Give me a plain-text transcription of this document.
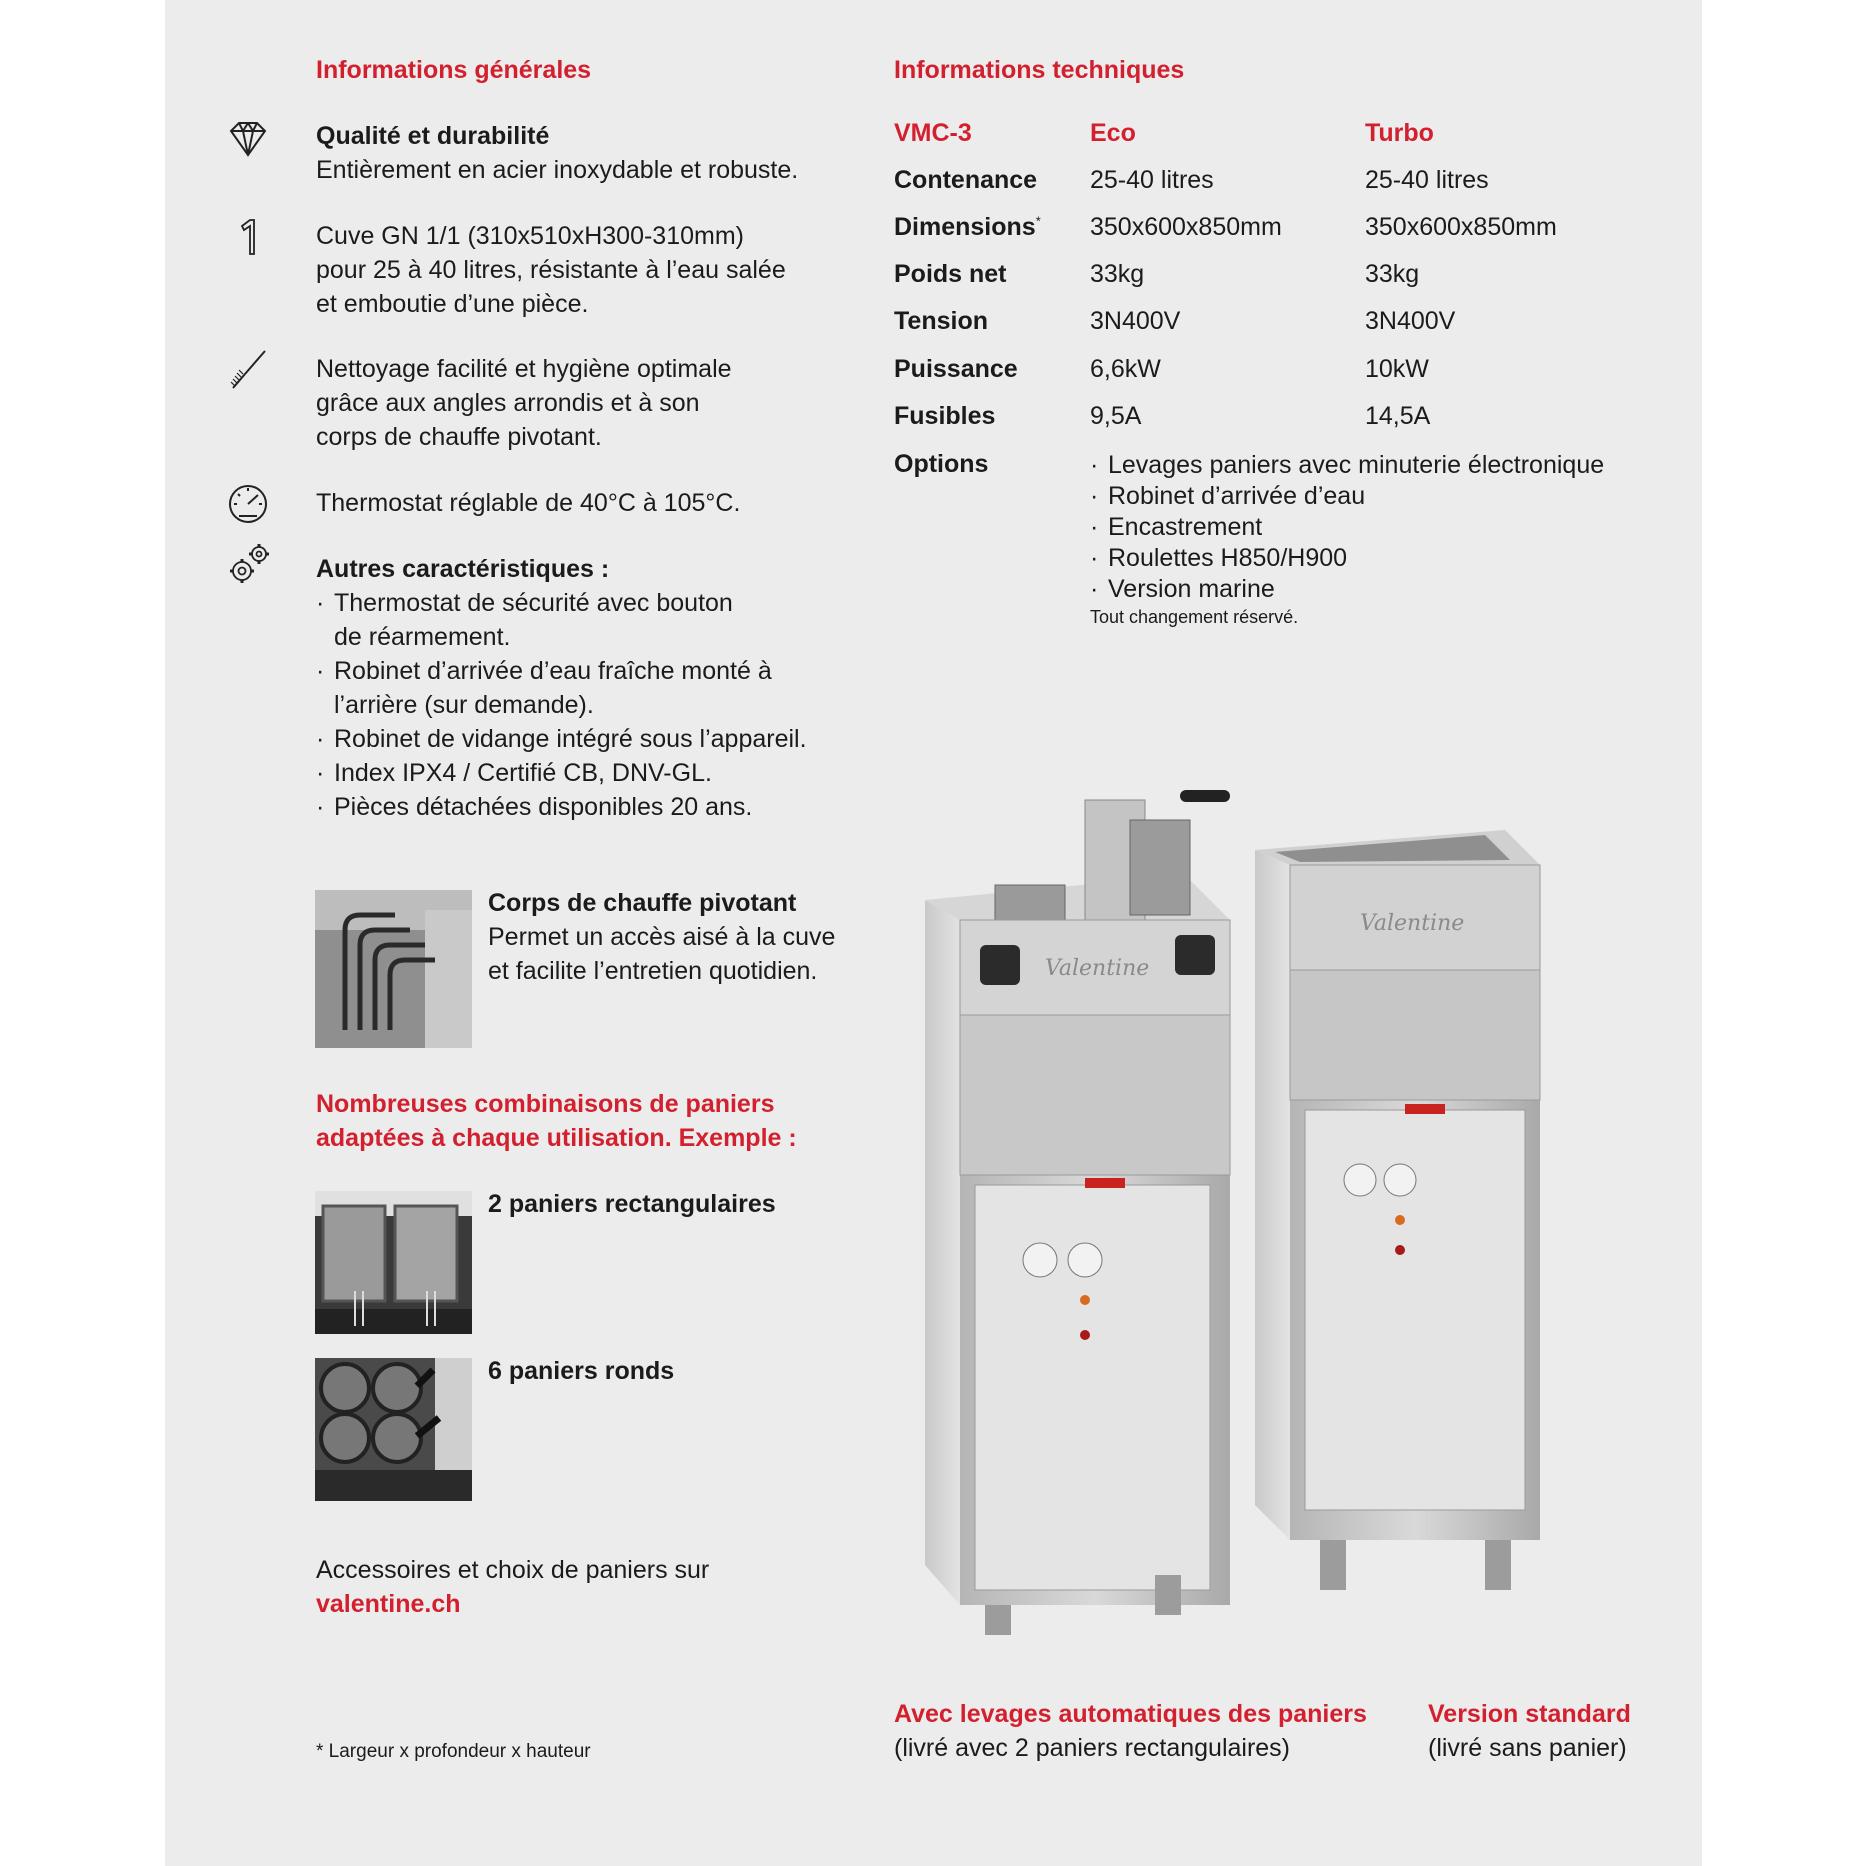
Informations générales
Qualité et durabilité
Entièrement en acier inoxydable et robuste.
Cuve GN 1/1 (310x510xH300-310mm)
pour 25 à 40 litres, résistante à l’eau salée
et emboutie d’une pièce.
Nettoyage facilité et hygiène optimale
grâce aux angles arrondis et à son
corps de chauffe pivotant.
Thermostat réglable de 40°C à 105°C.
Autres caractéristiques :
· Thermostat de sécurité avec bouton
de réarmement.
· Robinet d’arrivée d’eau fraîche monté à
l’arrière (sur demande).
· Robinet de vidange intégré sous l’appareil.
· Index IPX4 / Certifié CB, DNV-GL.
· Pièces détachées disponibles 20 ans.
Corps de chauffe pivotant
Permet un accès aisé à la cuve
et facilite l’entretien quotidien.
Nombreuses combinaisons de paniers
adaptées à chaque utilisation. Exemple :
2 paniers rectangulaires
6 paniers ronds
Accessoires et choix de paniers sur
valentine.ch
* Largeur x profondeur x hauteur
Informations techniques
VMC-3	Eco	Turbo
Contenance 25-40 litres	25-40 litres
Dimensions* 350x600x850mm	350x600x850mm
Poids net	33kg	33kg
Tension	3N400V	3N400V
Puissance	6,6kW	10kW
Fusibles	9,5A	14,5A
Options
·	Levages paniers avec minuterie électronique
· Robinet d’arrivée d’eau
· Encastrement
· Roulettes H850/H900
· Version marine
Tout changement réservé.
Valentine
Valentine
Avec levages automatiques des paniers
(livré avec 2 paniers rectangulaires)
Version standard
(livré sans panier)
